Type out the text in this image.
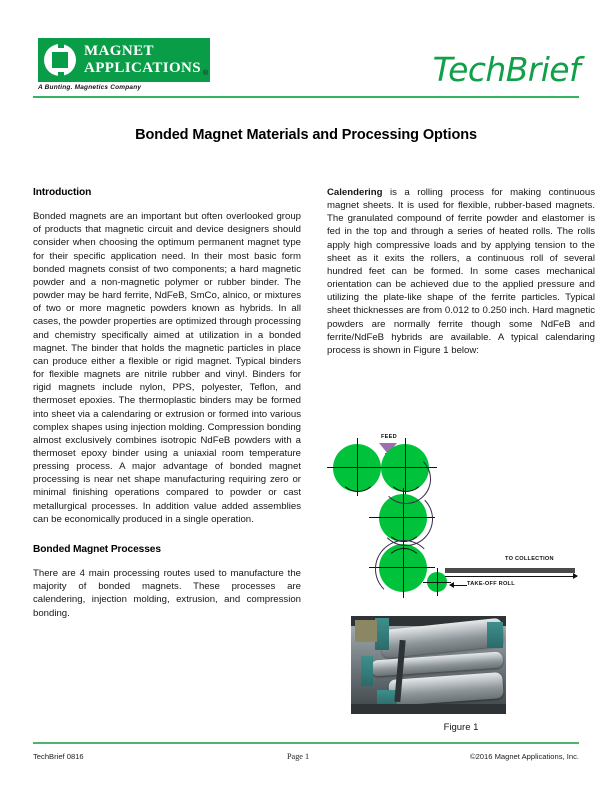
MAGNET
APPLICATIONS ®
A Bunting. Magnetics Company	TechBrief
Bonded Magnet Materials and Processing Options
Introduction

Bonded magnets are an important but often overlooked group of products that magnetic circuit and device designers should consider when choosing the optimum permanent magnet type for their specific application need. In their most basic form bonded magnets consist of two components; a hard magnetic powder and a non-magnetic polymer or rubber binder. The powder may be hard ferrite, NdFeB, SmCo, alnico, or mixtures of two or more magnetic powders known as hybrids. In all cases, the powder properties are optimized through processing and chemistry specifically aimed at utilization in a bonded magnet. The binder that holds the magnetic particles in place can produce either a flexible or rigid magnet. Typical binders for flexible magnets are nitrile rubber and vinyl. Binders for rigid magnets include nylon, PPS, polyester, Teflon, and thermoset epoxies. The thermoplastic binders may be formed into sheet via a calendaring or extrusion or formed into various complex shapes using injection molding. Compression bonding almost exclusively combines isotropic NdFeB powders with a thermoset epoxy binder using a uniaxial room temperature pressing process. A major advantage of bonded magnet processing is near net shape manufacturing requiring zero or minimal finishing operations compared to powder or cast metallurgical processes. In addition value added assemblies can be economically produced in a single operation.

Bonded Magnet Processes

There are 4 main processing routes used to manufacture the majority of bonded magnets. These processes are calendering, injection molding, extrusion, and compression bonding.

Calendering is a rolling process for making continuous magnet sheets. It is used for flexible, rubber-based magnets. The granulated compound of ferrite powder and elastomer is fed in the top and through a series of heated rolls. The rolls apply high compressive loads and by applying tension to the sheet as it exits the rollers, a continuous roll of several hundred feet can be formed. In some cases mechanical orientation can be achieved due to the applied pressure and utilizing the plate-like shape of the ferrite particles. Typical sheet thicknesses are from 0.012 to 0.250 inch. Hard magnetic powders are normally ferrite though some NdFeB and ferrite/NdFeB hybrids are available. A typical calendaring process is shown in Figure 1 below:

FEED
TO COLLECTION
TAKE-OFF ROLL
Figure 1
TechBrief 0816	Page 1	©2016 Magnet Applications, Inc.
